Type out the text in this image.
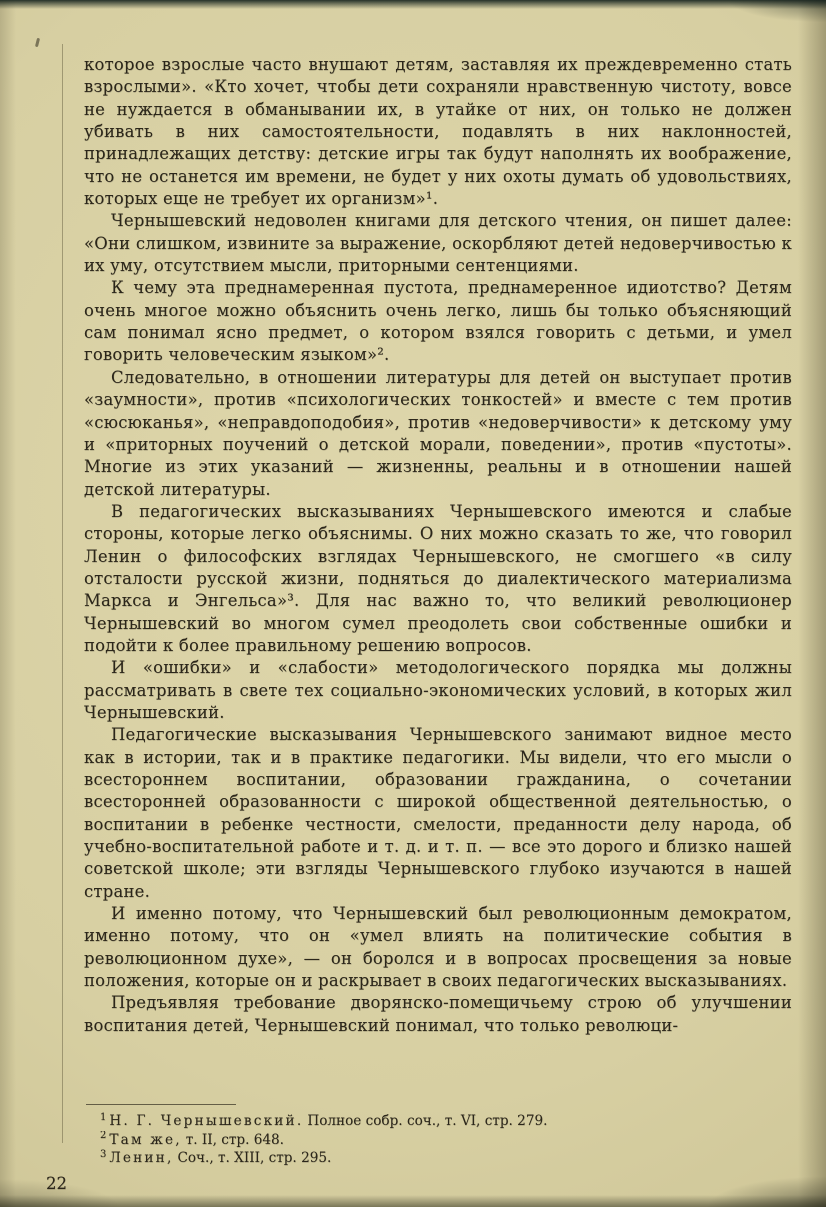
которое взрослые часто внушают детям, заставляя их преждевременно стать взрослыми». «Кто хочет, чтобы дети сохраняли нравственную чистоту, вовсе не нуждается в обманывании их, в утайке от них, он только не должен убивать в них самостоятельности, подавлять в них наклонностей, принадлежащих детству: детские игры так будут наполнять их воображение, что не останется им времени, не будет у них охоты думать об удовольствиях, которых еще не требует их организм»¹.

Чернышевский недоволен книгами для детского чтения, он пишет далее: «Они слишком, извините за выражение, оскорбляют детей недоверчивостью к их уму, отсутствием мысли, приторными сентенциями.

К чему эта преднамеренная пустота, преднамеренное идиотство? Детям очень многое можно объяснить очень легко, лишь бы только объясняющий сам понимал ясно предмет, о котором взялся говорить с детьми, и умел говорить человеческим языком»².

Следовательно, в отношении литературы для детей он выступает против «заумности», против «психологических тонкостей» и вместе с тем против «сюсюканья», «неправдоподобия», против «недоверчивости» к детскому уму и «приторных поучений о детской морали, поведении», против «пустоты». Многие из этих указаний — жизненны, реальны и в отношении нашей детской литературы.

В педагогических высказываниях Чернышевского имеются и слабые стороны, которые легко объяснимы. О них можно сказать то же, что говорил Ленин о философских взглядах Чернышевского, не смогшего «в силу отсталости русской жизни, подняться до диалектического материализма Маркса и Энгельса»³. Для нас важно то, что великий революционер Чернышевский во многом сумел преодолеть свои собственные ошибки и подойти к более правильному решению вопросов.

И «ошибки» и «слабости» методологического порядка мы должны рассматривать в свете тех социально-экономических условий, в которых жил Чернышевский.

Педагогические высказывания Чернышевского занимают видное место как в истории, так и в практике педагогики. Мы видели, что его мысли о всестороннем воспитании, образовании гражданина, о сочетании всесторонней образованности с широкой общественной деятельностью, о воспитании в ребенке честности, смелости, преданности делу народа, об учебно-воспитательной работе и т. д. и т. п. — все это дорого и близко нашей советской школе; эти взгляды Чернышевского глубоко изучаются в нашей стране.

И именно потому, что Чернышевский был революционным демократом, именно потому, что он «умел влиять на политические события в революционном духе», — он боролся и в вопросах просвещения за новые положения, которые он и раскрывает в своих педагогических высказываниях.

Предъявляя требование дворянско-помещичьему строю об улучшении воспитания детей, Чернышевский понимал, что только революци-

$^1$ Н. Г. Чернышевский. Полное собр. соч., т. VI, стр. 279.
$^2$ Там же, т. II, стр. 648.
$^3$ Ленин, Соч., т. XIII, стр. 295.
22
